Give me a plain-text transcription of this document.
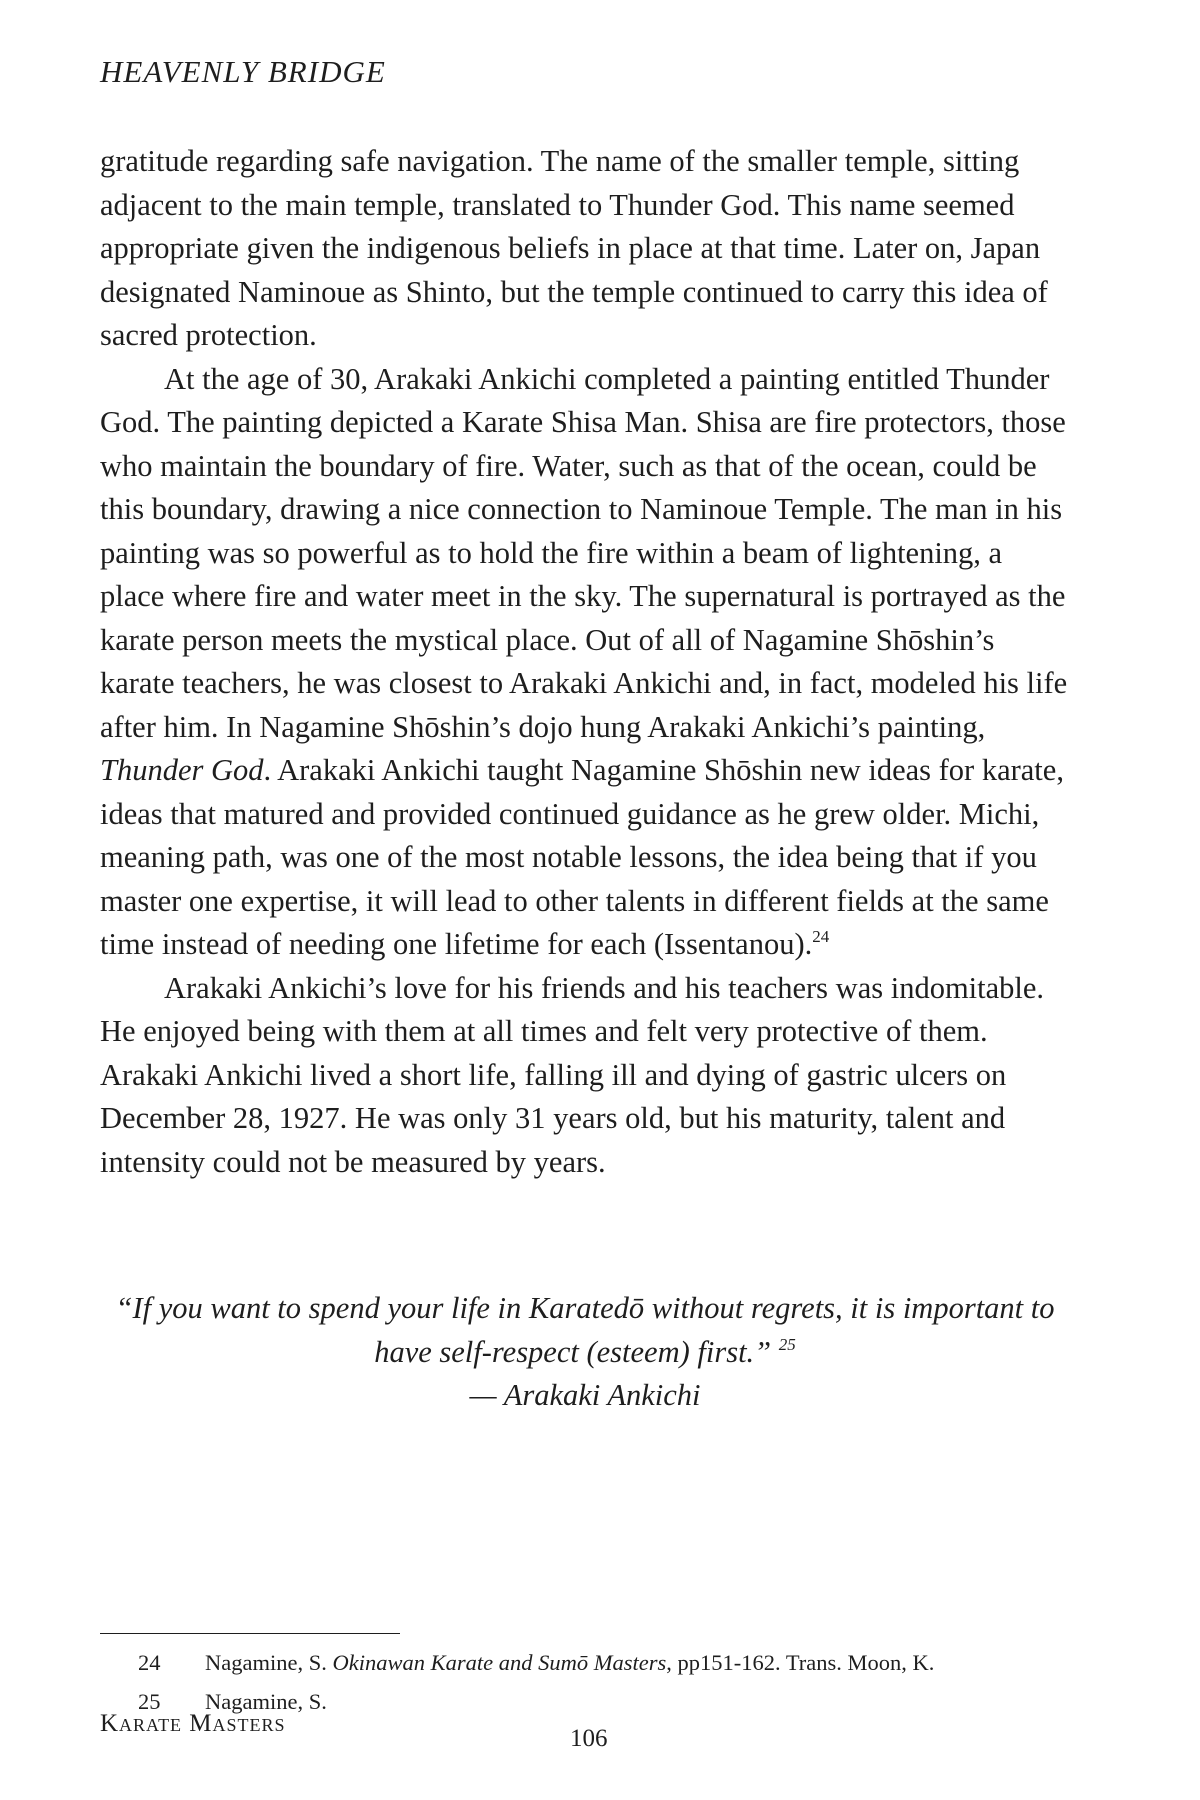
HEAVENLY BRIDGE

gratitude regarding safe navigation. The name of the smaller temple, sitting adjacent to the main temple, translated to Thunder God. This name seemed appropriate given the indigenous beliefs in place at that time. Later on, Japan designated Naminoue as Shinto, but the temple continued to carry this idea of sacred protection.

At the age of 30, Arakaki Ankichi completed a painting entitled Thunder God. The painting depicted a Karate Shisa Man. Shisa are fire protectors, those who maintain the boundary of fire. Water, such as that of the ocean, could be this boundary, drawing a nice connection to Naminoue Temple. The man in his painting was so powerful as to hold the fire within a beam of lightening, a place where fire and water meet in the sky. The supernatural is portrayed as the karate person meets the mystical place. Out of all of Nagamine Shōshin’s karate teachers, he was closest to Arakaki Ankichi and, in fact, modeled his life after him. In Nagamine Shōshin’s dojo hung Arakaki Ankichi’s painting, Thunder God. Arakaki Ankichi taught Nagamine Shōshin new ideas for karate, ideas that matured and provided continued guidance as he grew older. Michi, meaning path, was one of the most notable lessons, the idea being that if you master one expertise, it will lead to other talents in different fields at the same time instead of needing one lifetime for each (Issentanou).$^{24}$

Arakaki Ankichi’s love for his friends and his teachers was indomitable. He enjoyed being with them at all times and felt very protective of them. Arakaki Ankichi lived a short life, falling ill and dying of gastric ulcers on December 28, 1927. He was only 31 years old, but his maturity, talent and intensity could not be measured by years.

“If you want to spend your life in Karatedō without regrets, it is important to have self-respect (esteem) first.” $^{25}$
— Arakaki Ankichi
24 Nagamine, S. Okinawan Karate and Sumō Masters, pp151-162. Trans. Moon, K.
25 Nagamine, S.
Karate Masters
106
